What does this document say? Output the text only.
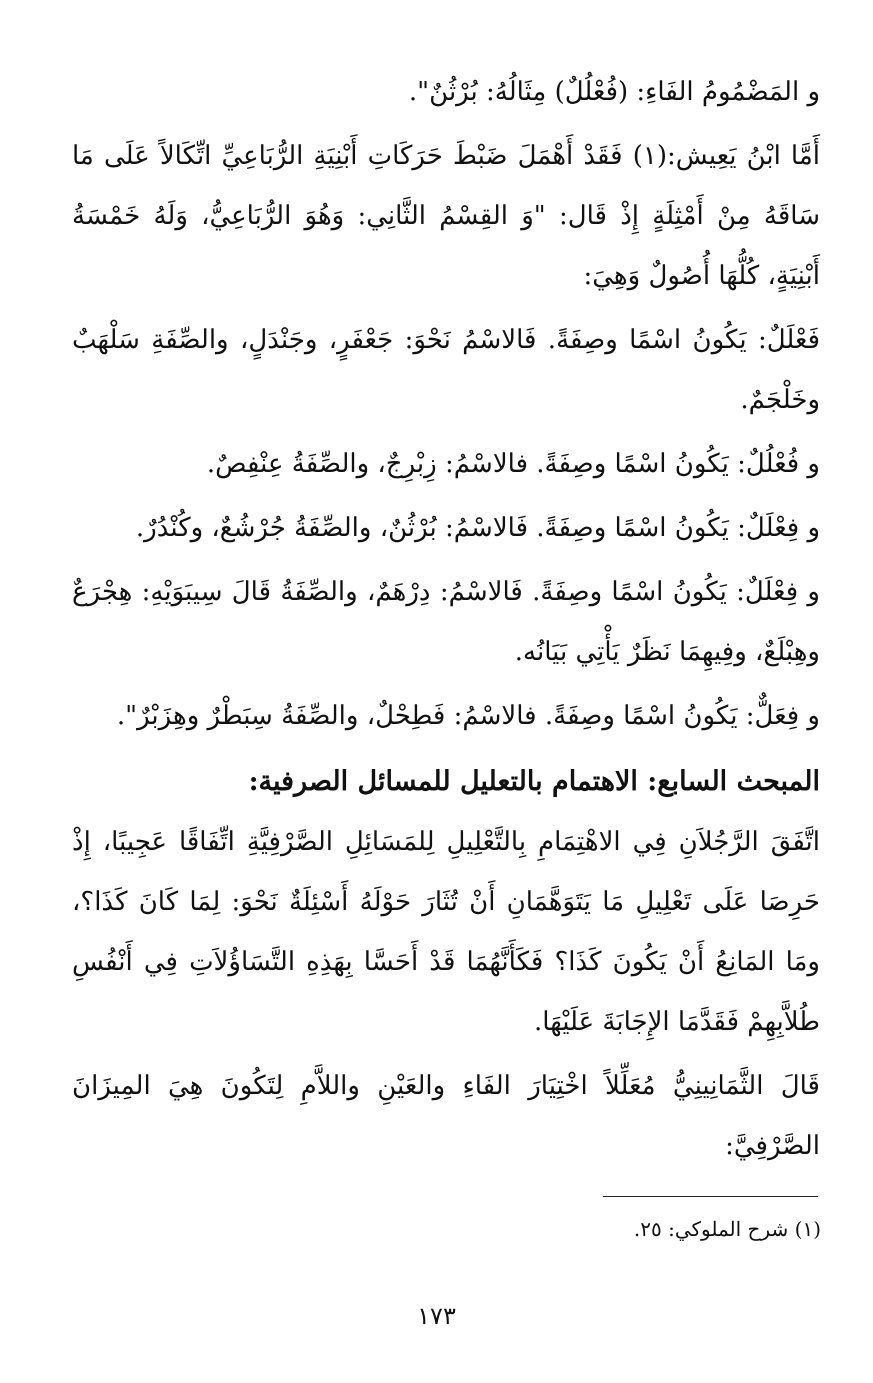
و المَضْمُومُ الفَاءِ: (فُعْلُلٌ) مِثَالُهُ: بُرْثُنٌ".

أَمَّا ابْنُ يَعِيش:(١) فَقَدْ أَهْمَلَ ضَبْطَ حَرَكَاتِ أَبْنِيَةِ الرُّبَاعِيِّ اتِّكَالاً عَلَى مَا سَاقَهُ مِنْ أَمْثِلَةٍ إِذْ قَال: "وَ القِسْمُ الثَّانِي: وَهُوَ الرُّبَاعِيُّ، وَلَهُ خَمْسَةُ أَبْنِيَةٍ، كُلُّهَا أُصُولٌ وَهِيَ:

فَعْلَلٌ: يَكُونُ اسْمًا وصِفَةً. فَالاسْمُ نَحْوَ: جَعْفَرٍ، وجَنْدَلٍ، والصِّفَةِ سَلْهَبٌ وخَلْجَمٌ.

و فُعْلُلٌ: يَكُونُ اسْمًا وصِفَةً. فالاسْمُ: زِبْرِجٌ، والصِّفَةُ عِنْفِصٌ.

و فِعْلَلٌ: يَكُونُ اسْمًا وصِفَةً. فَالاسْمُ: بُرْثُنٌ، والصِّفَةُ جُرْشُعٌ، وكُنْدُرٌ.

و فِعْلَلٌ: يَكُونُ اسْمًا وصِفَةً. فَالاسْمُ: دِرْهَمٌ، والصِّفَةُ قَالَ سِيبَوَيْهِ: هِجْرَعٌ وهِبْلَعٌ، وفِيهِمَا نَظَرٌ يَأْتِي بَيَانُه.

و فِعَلٌّ: يَكُونُ اسْمًا وصِفَةً. فالاسْمُ: فَطِحْلٌ، والصِّفَةُ سِبَطْرٌ وهِزَبْرٌ".

المبحث السابع: الاهتمام بالتعليل للمسائل الصرفية:

اتَّفَقَ الرَّجُلاَنِ فِي الاهْتِمَامِ بِالتَّعْلِيلِ لِلمَسَائِلِ الصَّرْفِيَّةِ اتِّفَاقًا عَجِيبًا، إِذْ حَرِصَا عَلَى تَعْلِيلِ مَا يَتَوَهَّمَانِ أَنْ تُثَارَ حَوْلَهُ أَسْئِلَةٌ نَحْوَ: لِمَا كَانَ كَذَا؟، ومَا المَانِعُ أَنْ يَكُونَ كَذَا؟ فَكَأَنَّهُمَا قَدْ أَحَسَّا بِهَذِهِ التَّسَاؤُلاَتِ فِي أَنْفُسِ طُلاَّبِهِمْ فَقَدَّمَا الإِجَابَةَ عَلَيْهَا.

قَالَ الثَّمَانِينِيُّ مُعَلِّلاً اخْتِيَارَ الفَاءِ والعَيْنِ واللاَّمِ لِتَكُونَ هِيَ المِيزَانَ الصَّرْفِيَّ:

(١) شرح الملوكي: ٢٥.
١٧٣
